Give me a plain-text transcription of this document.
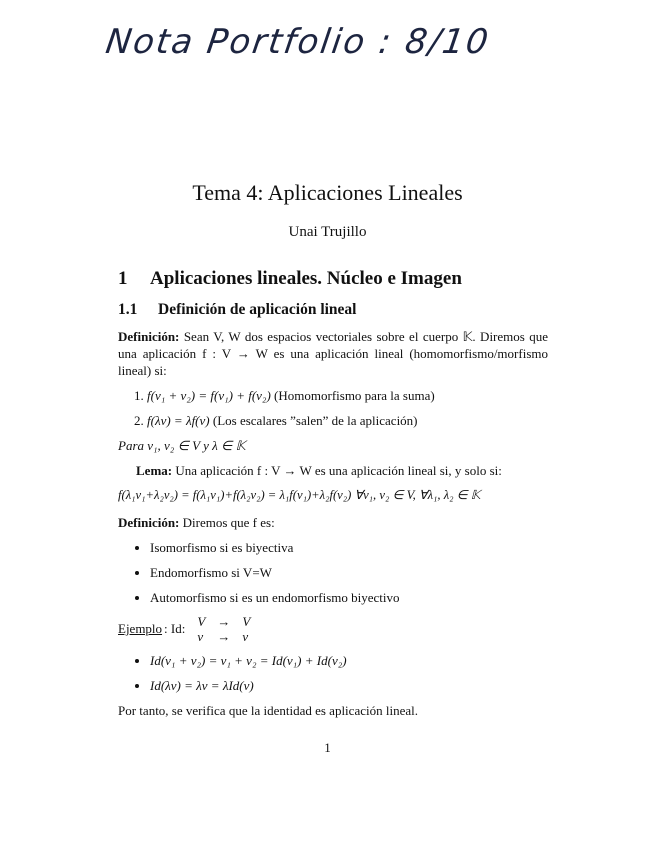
Nota Portfolio : 8/10
Tema 4: Aplicaciones Lineales
Unai Trujillo
1	Aplicaciones lineales. Núcleo e Imagen
1.1	Definición de aplicación lineal

Definición: Sean V, W dos espacios vectoriales sobre el cuerpo 𝕂. Diremos que una aplicación f : V → W es una aplicación lineal (homomorfismo/morfismo lineal) si:

1. f(v₁ + v₂) = f(v₁) + f(v₂) (Homomorfismo para la suma)
2. f(λv) = λf(v) (Los escalares ”salen” de la aplicación)

Para v₁, v₂ ∈ V y λ ∈ 𝕂

Lema: Una aplicación f : V → W es una aplicación lineal si, y solo si:

f(λ₁v₁+λ₂v₂) = f(λ₁v₁)+f(λ₂v₂) = λ₁f(v₁)+λ₂f(v₂) ∀v₁, v₂ ∈ V, ∀λ₁, λ₂ ∈ 𝕂

Definición: Diremos que f es:

• Isomorfismo si es biyectiva
• Endomorfismo si V=W
• Automorfismo si es un endomorfismo biyectivo
Ejemplo : Id: V	→	V
v	→	v
• Id(v₁ + v₂) = v₁ + v₂ = Id(v₁) + Id(v₂)
• Id(λv) = λv = λId(v)

Por tanto, se verifica que la identidad es aplicación lineal.

1
